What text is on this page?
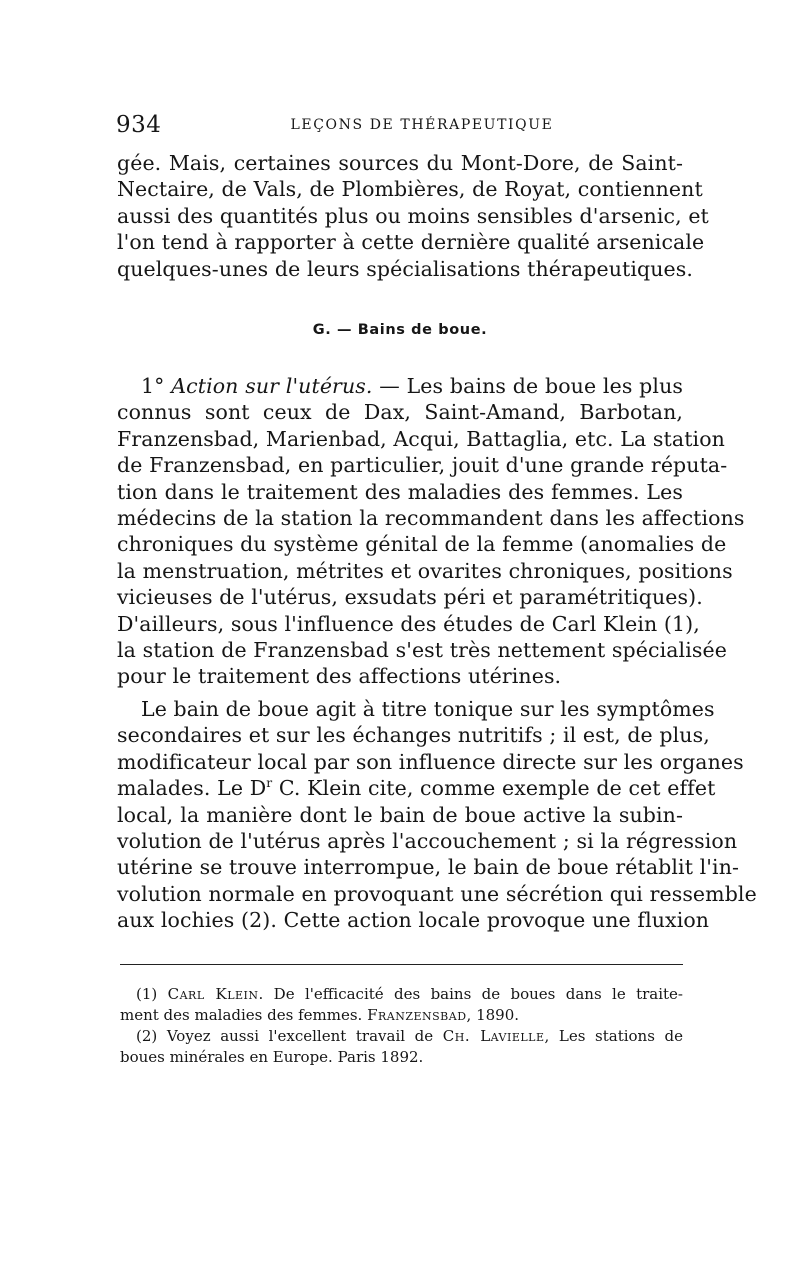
934	LEÇONS DE THÉRAPEUTIQUE
gée. Mais, certaines sources du Mont-Dore, de Saint-
Nectaire, de Vals, de Plombières, de Royat, contiennent
aussi des quantités plus ou moins sensibles d'arsenic, et
l'on tend à rapporter à cette dernière qualité arsenicale
quelques-unes de leurs spécialisations thérapeutiques.
G. — Bains de boue.
1° Action sur l'utérus. — Les bains de boue les plus
connus sont ceux de Dax, Saint-Amand, Barbotan,
Franzensbad, Marienbad, Acqui, Battaglia, etc. La station
de Franzensbad, en particulier, jouit d'une grande réputa-
tion dans le traitement des maladies des femmes. Les
médecins de la station la recommandent dans les affections
chroniques du système génital de la femme (anomalies de
la menstruation, métrites et ovarites chroniques, positions
vicieuses de l'utérus, exsudats péri et paramétritiques).
D'ailleurs, sous l'influence des études de Carl Klein (1),
la station de Franzensbad s'est très nettement spécialisée
pour le traitement des affections utérines.
Le bain de boue agit à titre tonique sur les symptômes
secondaires et sur les échanges nutritifs ; il est, de plus,
modificateur local par son influence directe sur les organes
malades. Le $D^r$ C. Klein cite, comme exemple de cet effet
local, la manière dont le bain de boue active la subin-
volution de l'utérus après l'accouchement ; si la régression
utérine se trouve interrompue, le bain de boue rétablit l'in-
volution normale en provoquant une sécrétion qui ressemble
aux lochies (2). Cette action locale provoque une fluxion
(1) Carl Klein. De l'efficacité des bains de boues dans le traite-
ment des maladies des femmes. Franzensbad, 1890.
(2) Voyez aussi l'excellent travail de Ch. Lavielle, Les stations de
boues minérales en Europe. Paris 1892.
